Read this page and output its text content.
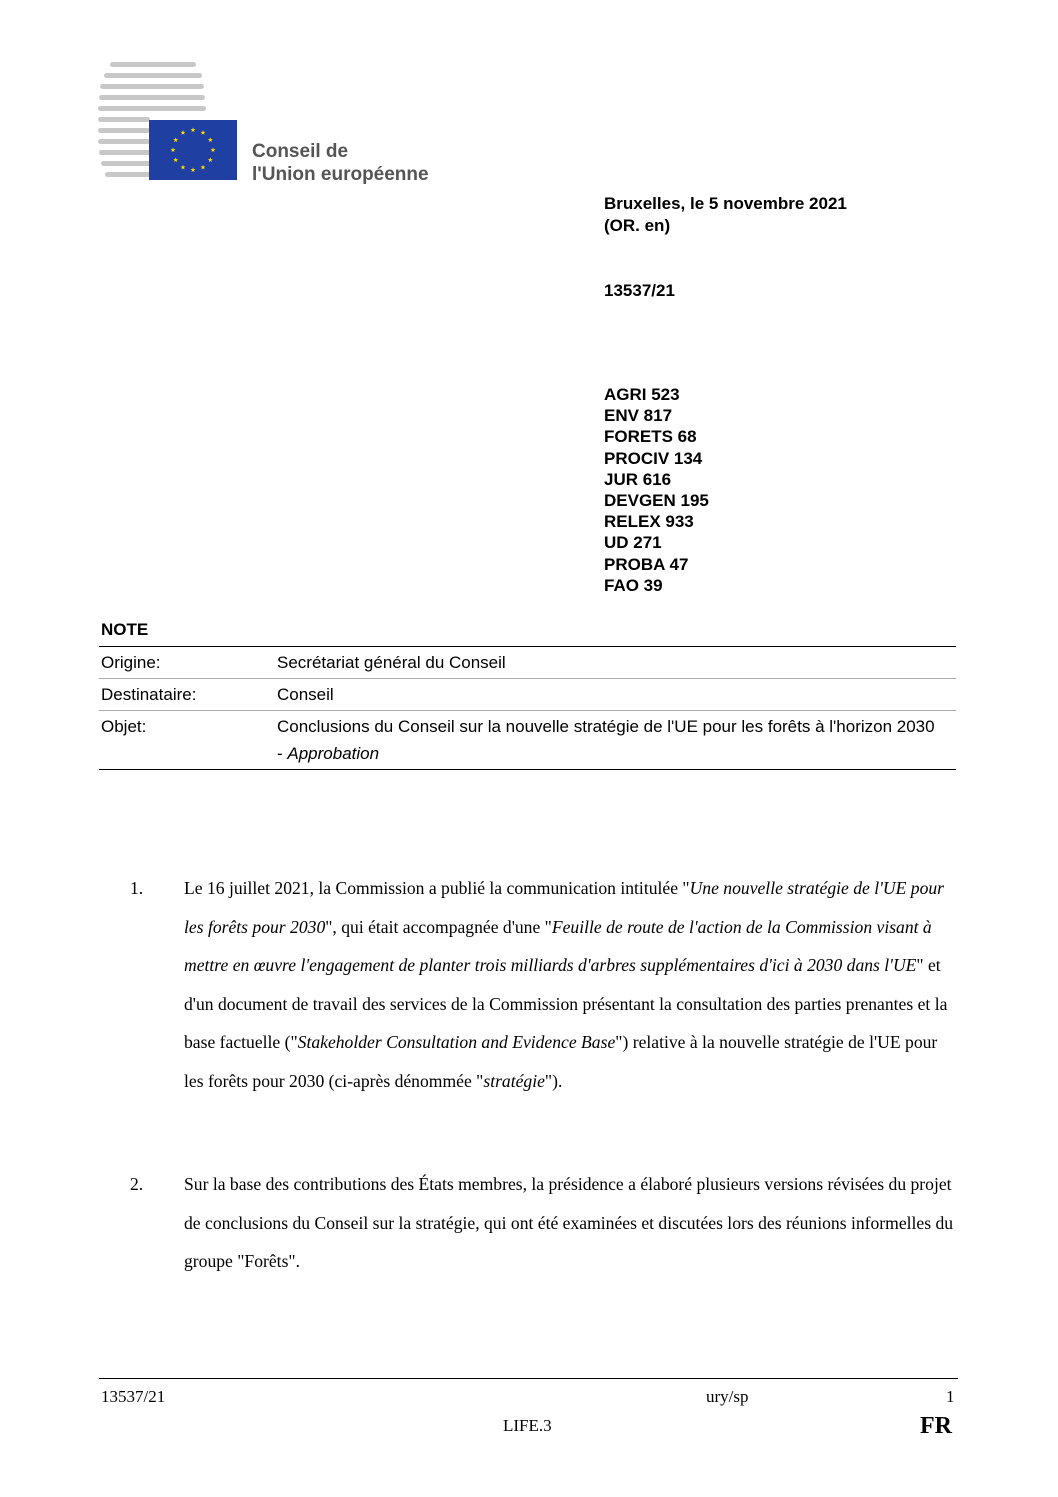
Conseil de
l'Union européenne
Bruxelles, le 5 novembre 2021
(OR. en)
13537/21
AGRI 523
ENV 817
FORETS 68
PROCIV 134
JUR 616
DEVGEN 195
RELEX 933
UD 271
PROBA 47
FAO 39
NOTE
Origine:	Secrétariat général du Conseil
Destinataire:	Conseil
Objet:	Conclusions du Conseil sur la nouvelle stratégie de l'UE pour les forêts à l'horizon 2030
- Approbation
1. Le 16 juillet 2021, la Commission a publié la communication intitulée "Une nouvelle stratégie de l'UE pour les forêts pour 2030", qui était accompagnée d'une "Feuille de route de l'action de la Commission visant à mettre en œuvre l'engagement de planter trois milliards d'arbres supplémentaires d'ici à 2030 dans l'UE" et d'un document de travail des services de la Commission présentant la consultation des parties prenantes et la base factuelle ("Stakeholder Consultation and Evidence Base") relative à la nouvelle stratégie de l'UE pour les forêts pour 2030 (ci-après dénommée "stratégie").
2. Sur la base des contributions des États membres, la présidence a élaboré plusieurs versions révisées du projet de conclusions du Conseil sur la stratégie, qui ont été examinées et discutées lors des réunions informelles du groupe "Forêts".
13537/21	ury/sp	1
LIFE.3	FR
